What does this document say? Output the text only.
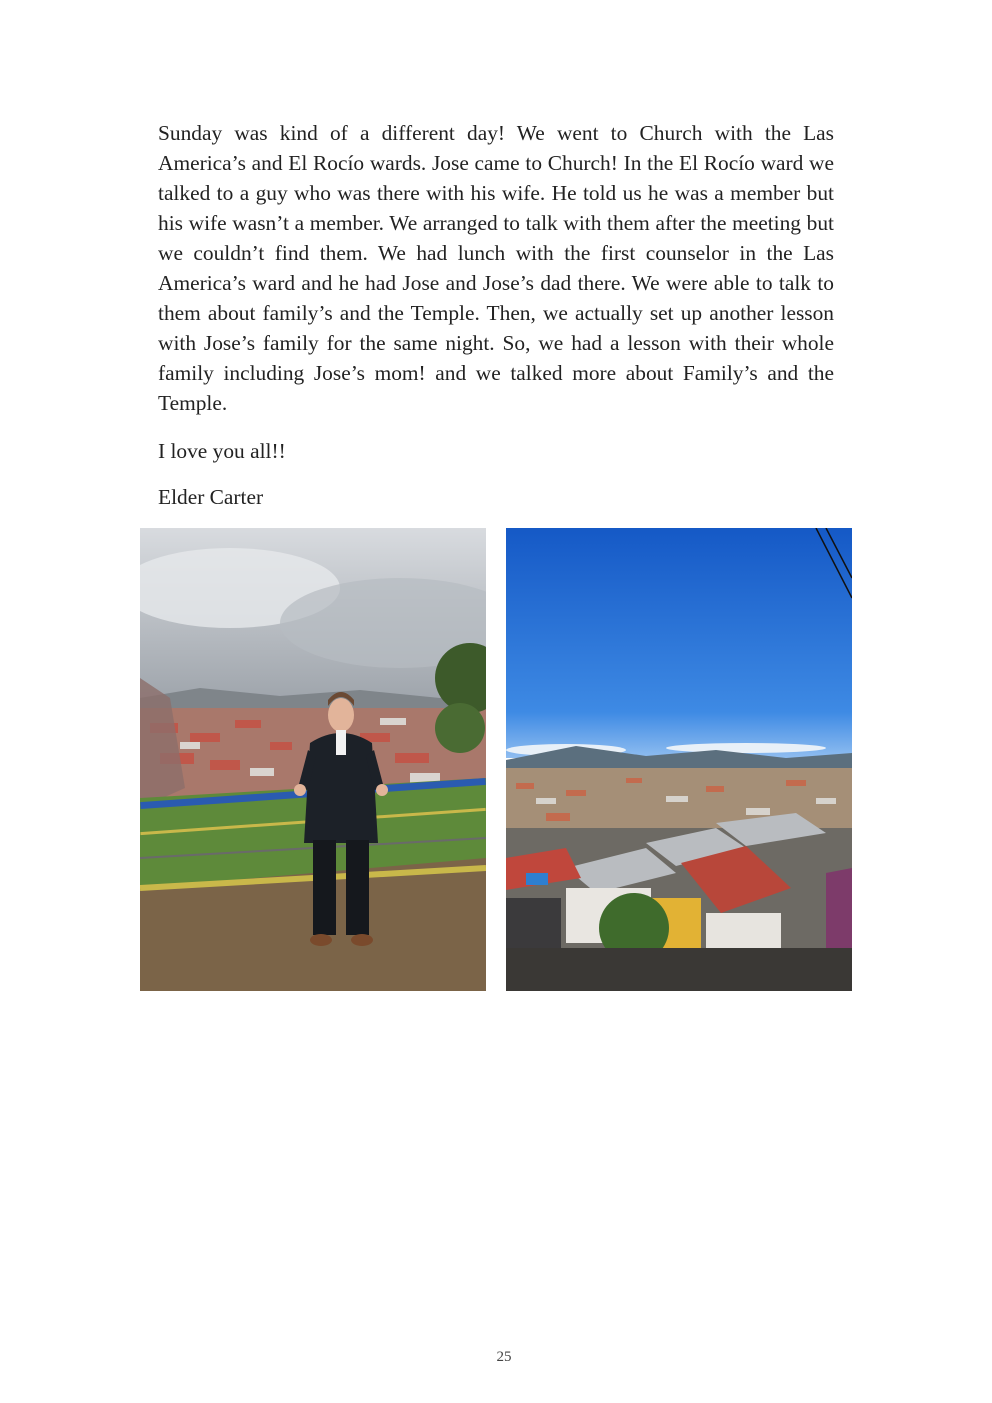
Sunday was kind of a different day! We went to Church with the Las America’s and El Rocío wards. Jose came to Church! In the El Rocío ward we talked to a guy who was there with his wife. He told us he was a member but his wife wasn’t a member. We arranged to talk with them after the meeting but we couldn’t find them. We had lunch with the first counselor in the Las America’s ward and he had Jose and Jose’s dad there. We were able to talk to them about family’s and the Temple. Then, we actually set up another lesson with Jose’s family for the same night. So, we had a lesson with their whole family including Jose’s mom! and we talked more about Family’s and the Temple.

I love you all!!

Elder Carter

25
